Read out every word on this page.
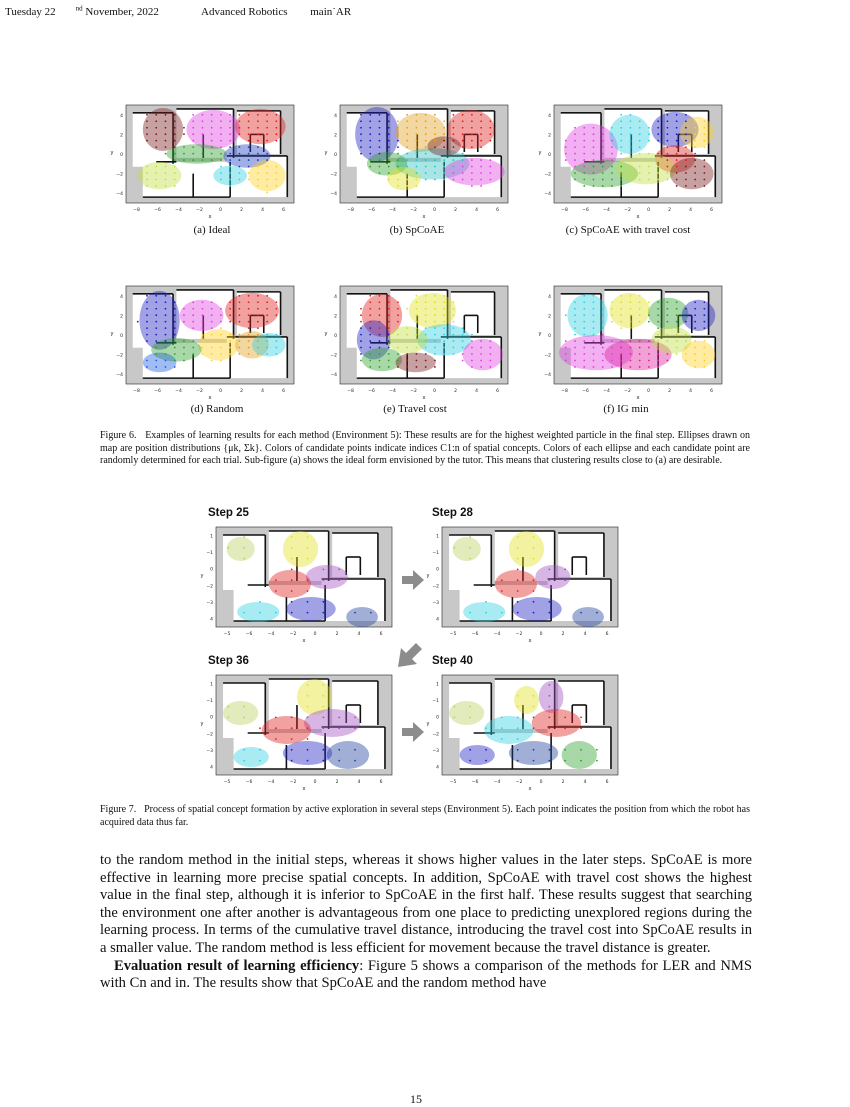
Tuesday 22	$^{nd}$ November, 2022	Advanced Robotics main˙AR
−8	−6	−4	−2	0	2	4	6
4
2
0
−2
−4
x
y
−8	−6	−4	−2	0	2	4	6
4
2
0
−2
−4
x
y
−8	−6	−4	−2	0	2	4	6
4
2
0
−2
−4
x
y
−8	−6	−4	−2	0	2	4	6
4
2
0
−2
−4
x
y
−8	−6	−4	−2	0	2	4	6
4
2
0
−2
−4
x
y
−8	−6	−4	−2	0	2	4	6
4
2
0
−2
−4
x
y
(a) Ideal	(b) SpCoAE	(c) SpCoAE with travel cost
(d) Random	(e) Travel cost	(f) IG min
Figure 6. Examples of learning results for each method (Environment 5): These results are for the highest weighted particle in the final step. Ellipses drawn on map are position distributions {μk, Σk}. Colors of candidate points indicate indices C1:n of spatial concepts. Colors of each ellipse and each candidate point are randomly determined for each trial. Sub-figure (a) shows the ideal form envisioned by the tutor. This means that clustering results close to (a) are desirable.
Step 25	Step 28
Step 36	Step 40
−5	−6	−4	−2	0	2	4	6
1
−1
0
−2
−3
4
x
y
−5	−6	−4	−2	0	2	4	6
1
−1
0
−2
−3
4
x
y
−5	−6	−4	−2	0	2	4	6
1
−1
0
−2
−3
4
x
y
−5	−6	−4	−2	0	2	4	6
1
−1
0
−2
−3
4
x
y
Figure 7. Process of spatial concept formation by active exploration in several steps (Environment 5). Each point indicates the position from which the robot has acquired data thus far.

to the random method in the initial steps, whereas it shows higher values in the later steps. SpCoAE is more effective in learning more precise spatial concepts. In addition, SpCoAE with travel cost shows the highest value in the final step, although it is inferior to SpCoAE in the first half. These results suggest that searching the environment one after another is advantageous from one place to predicting unexplored regions during the learning process. In terms of the cumulative travel distance, introducing the travel cost into SpCoAE results in a smaller value. The random method is less efficient for movement because the travel distance is greater.

Evaluation result of learning efficiency: Figure 5 shows a comparison of the methods for LER and NMS with Cn and in. The results show that SpCoAE and the random method have

15
